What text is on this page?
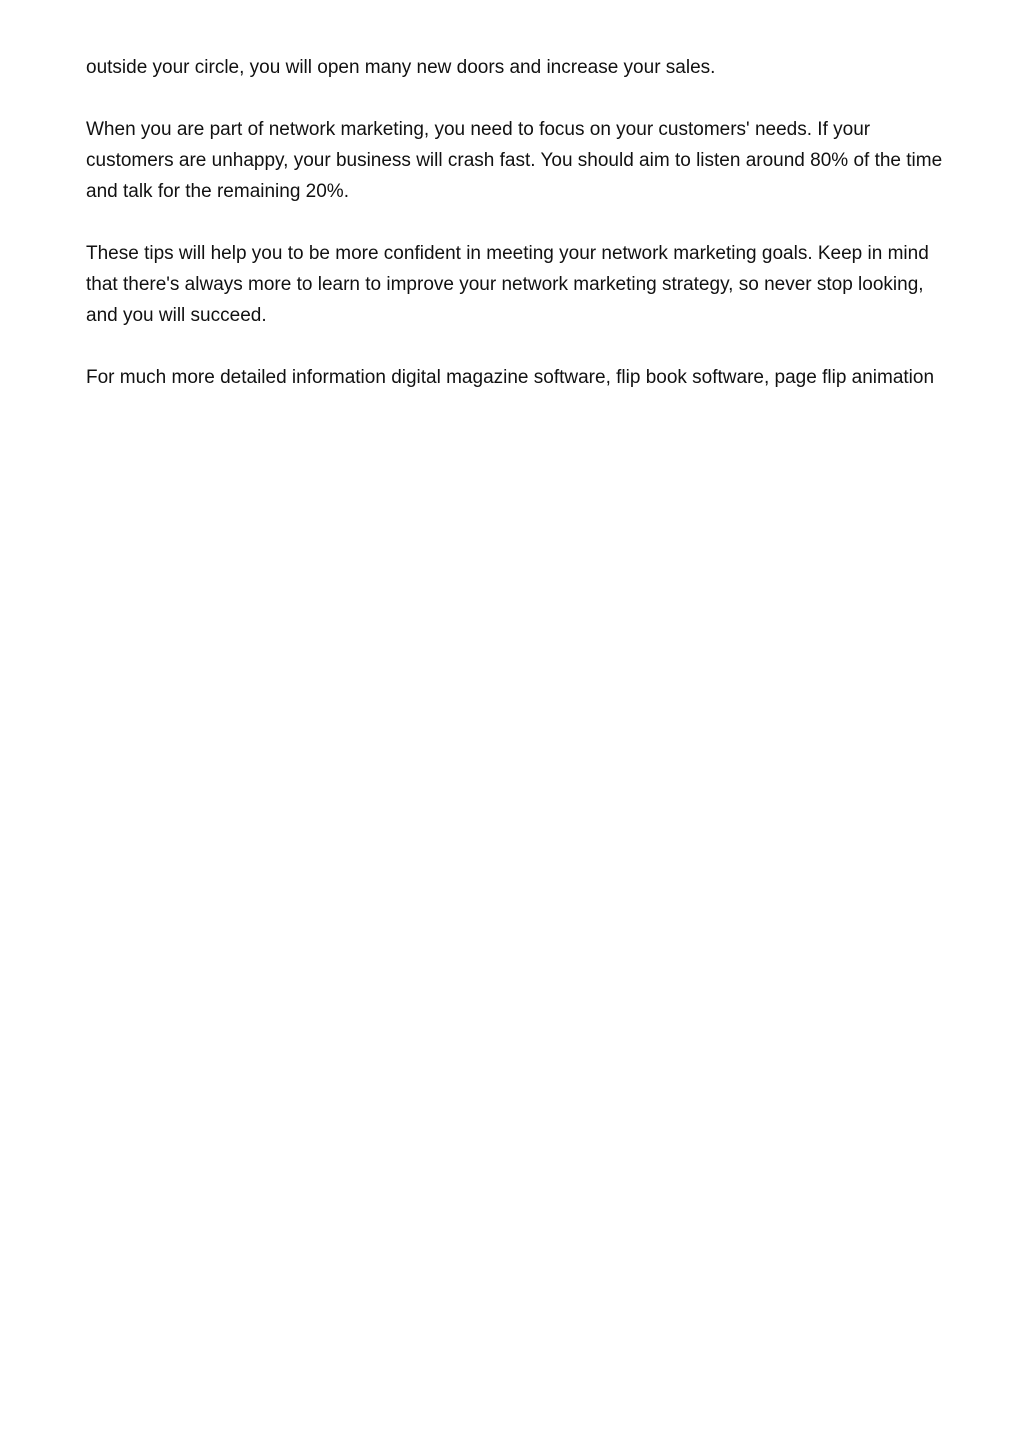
outside your circle, you will open many new doors and increase your sales.

When you are part of network marketing, you need to focus on your customers' needs. If your customers are unhappy, your business will crash fast. You should aim to listen around 80% of the time and talk for the remaining 20%.

These tips will help you to be more confident in meeting your network marketing goals. Keep in mind that there's always more to learn to improve your network marketing strategy, so never stop looking, and you will succeed.

For much more detailed information digital magazine software, flip book software, page flip animation
